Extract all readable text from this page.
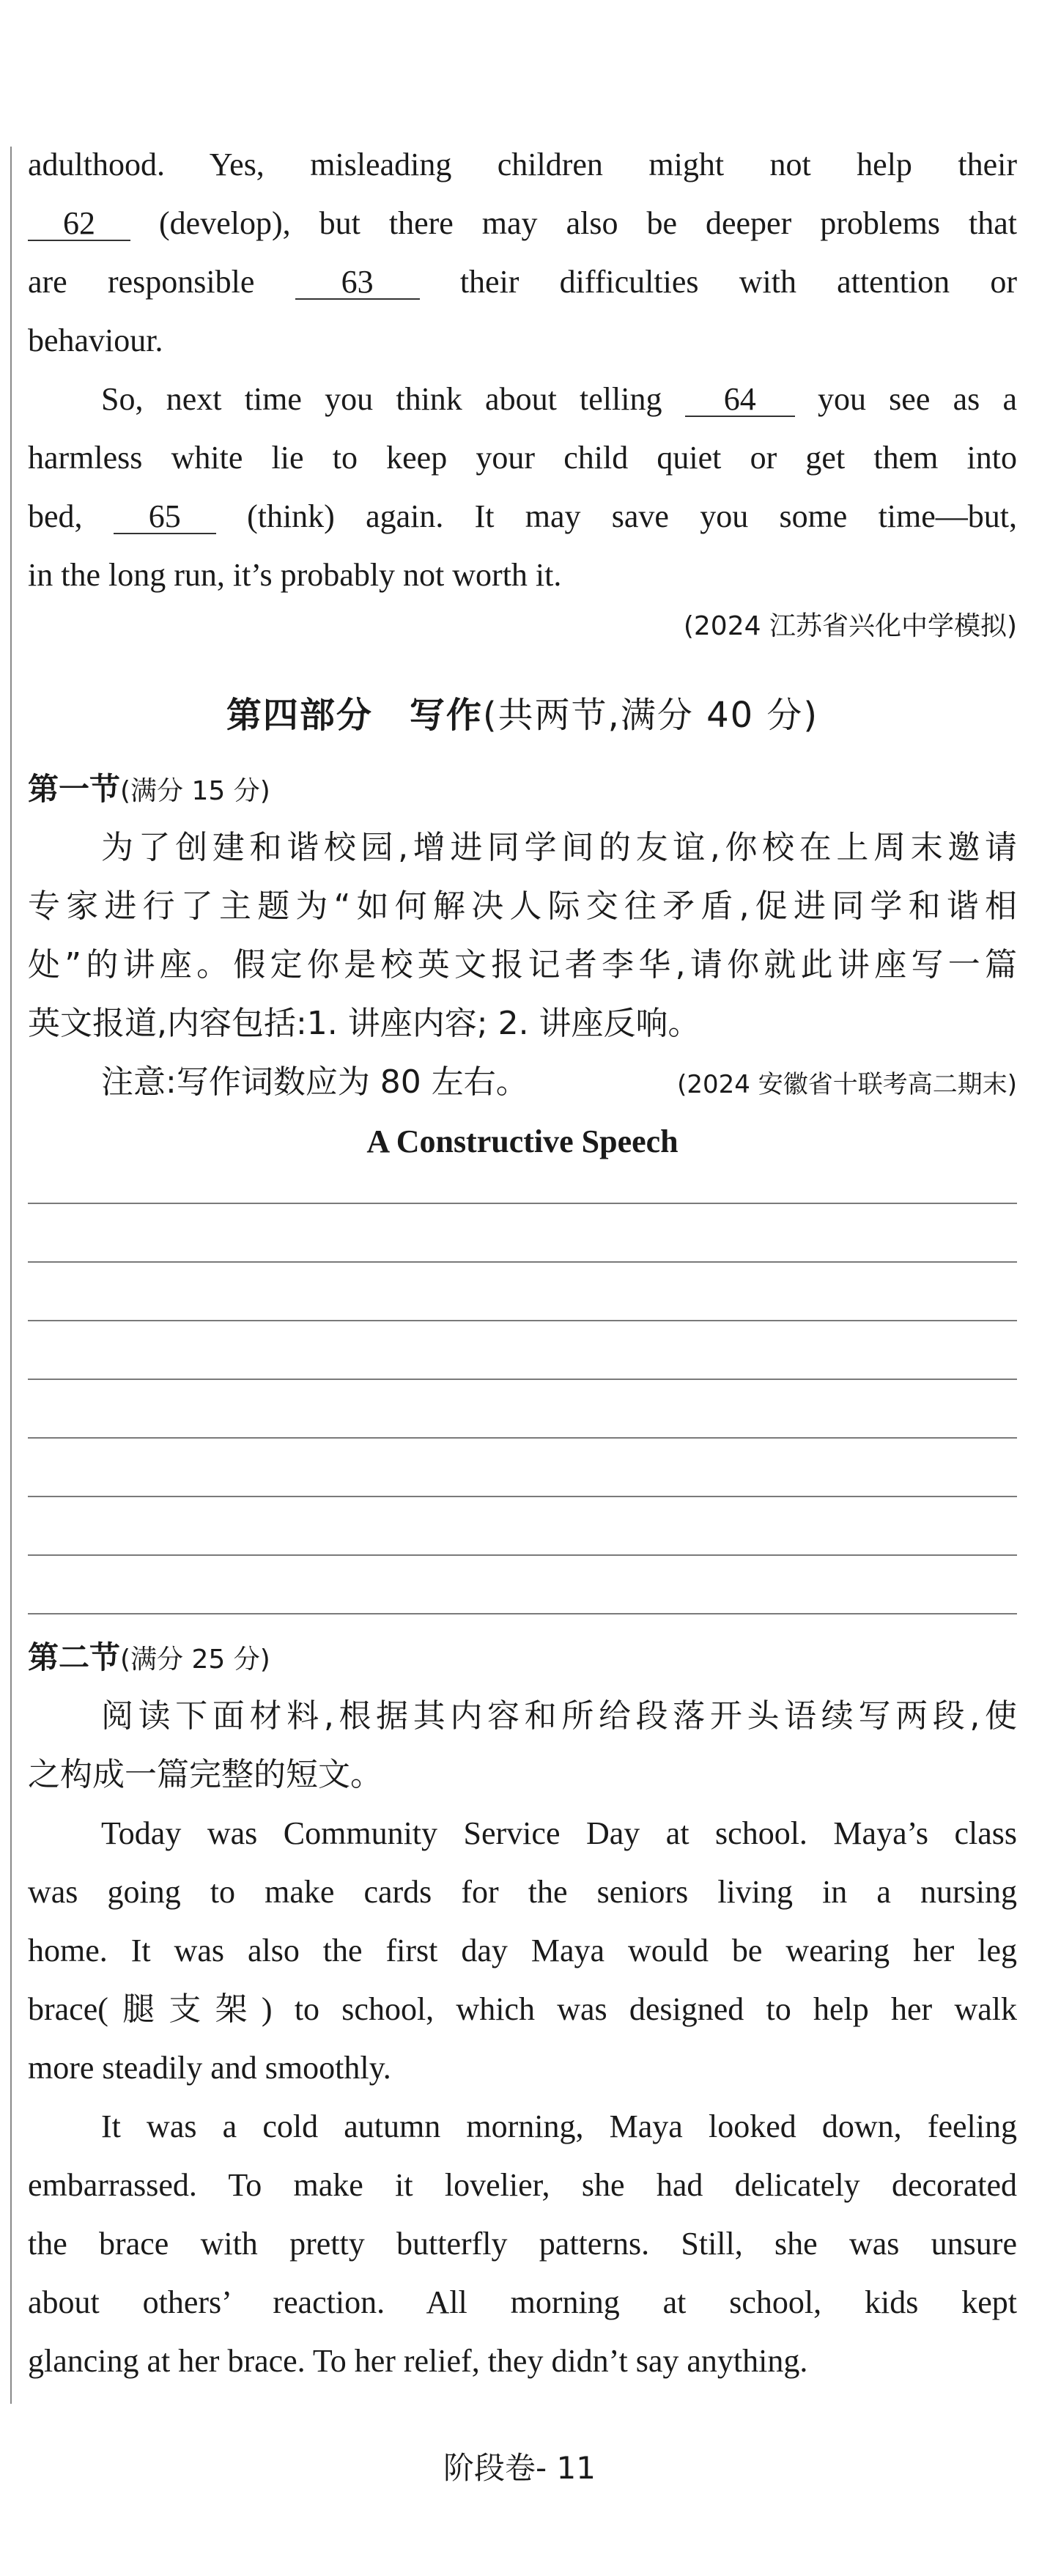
adulthood. Yes, misleading children might not help their
62 (develop), but there may also be deeper problems that
are responsible	63	their difficulties with attention or
behaviour.
So, next time you think about telling 64 you see as a
harmless white lie to keep your child quiet or get them into
bed, 65 (think) again. It may save you some time—but,
in the long run, it’s probably not worth it.
(2024 江苏省兴化中学模拟)
第四部分　写作(共两节,满分 40 分)
第一节(满分 15 分)
为了创建和谐校园,增进同学间的友谊,你校在上周末邀请
专家进行了主题为“如何解决人际交往矛盾,促进同学和谐相
处”的讲座。假定你是校英文报记者李华,请你就此讲座写一篇
英文报道,内容包括:1. 讲座内容; 2. 讲座反响。
注意:写作词数应为 80 左右。	(2024 安徽省十联考高二期末)
A Constructive Speech
第二节(满分 25 分)
阅读下面材料,根据其内容和所给段落开头语续写两段,使
之构成一篇完整的短文。
Today was Community Service Day at school. Maya’s class
was going to make cards for the seniors living in a nursing
home. It was also the first day Maya would be wearing her leg
brace(腿支架) to school, which was designed to help her walk
more steadily and smoothly.
It was a cold autumn morning, Maya looked down, feeling
embarrassed. To make it lovelier, she had delicately decorated
the brace with pretty butterfly patterns. Still, she was unsure
about others’ reaction. All morning at school, kids kept
glancing at her brace. To her relief, they didn’t say anything.
阶段卷- 11
